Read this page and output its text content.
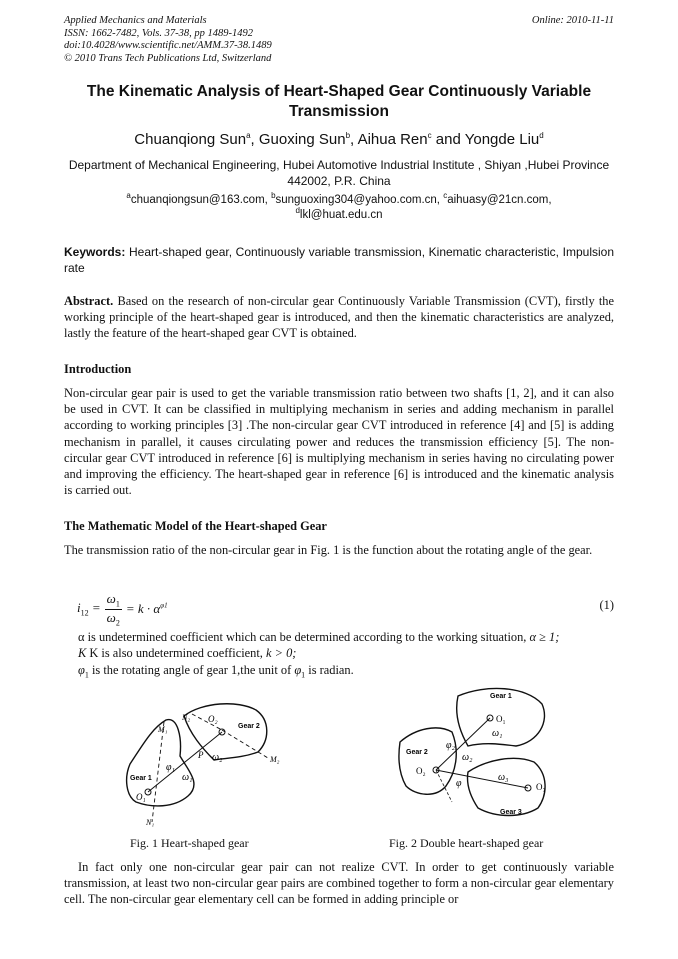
Applied Mechanics and Materials
ISSN: 1662-7482, Vols. 37-38, pp 1489-1492
doi:10.4028/www.scientific.net/AMM.37-38.1489
© 2010 Trans Tech Publications Ltd, Switzerland
Online: 2010-11-11
The Kinematic Analysis of Heart-Shaped Gear Continuously Variable
Transmission
Chuanqiong Sun$^a$, Guoxing Sun$^b$, Aihua Ren$^c$ and Yongde Liu$^d$
Department of Mechanical Engineering, Hubei Automotive Industrial Institute , Shiyan ,Hubei Province 442002, P.R. China
$^a$chuanqiongsun@163.com, $^b$sunguoxing304@yahoo.com.cn, $^c$aihuasy@21cn.com,
$^d$lkl@huat.edu.cn
Keywords: Heart-shaped gear, Continuously variable transmission, Kinematic characteristic, Impulsion rate
Abstract. Based on the research of non-circular gear Continuously Variable Transmission (CVT), firstly the working principle of the heart-shaped gear is introduced, and then the kinematic characteristics are analyzed, lastly the feature of the heart-shaped gear CVT is obtained.
Introduction
Non-circular gear pair is used to get the variable transmission ratio between two shafts [1, 2], and it can also be used in CVT. It can be classified in multiplying mechanism in series and adding mechanism in parallel according to working principles [3] .The non-circular gear CVT introduced in reference [4] and [5] is adding mechanism in parallel, it causes circulating power and reduces the transmission efficiency [5]. The non-circular gear CVT introduced in reference [6] is multiplying mechanism in series having no circulating power and improving the efficiency. The heart-shaped gear in reference [6] is introduced and the kinematic analysis is carried out.
The Mathematic Model of the Heart-shaped Gear
The transmission ratio of the non-circular gear in Fig. 1 is the function about the rotating angle of the gear.
$i_{12}$ =	$\omega_1$	= $k \cdot \alpha^{\varphi 1}$
$\omega_2$
(1)
α is undetermined coefficient which can be determined according to the working situation, α ≥ 1;
K K is also undetermined coefficient, k > 0;
$\varphi_1$ is the rotating angle of gear 1,the unit of $\varphi_1$ is radian.
N₂ O₂
Gear 2
M₁
M₂
P ω₂
φ₁
ω₁
Gear 1
O₁
N₁
Gear 1
O₁
ω₁
Gear 2
φ₂
ω₂
O₂
φ
ω₃
O₃
Gear 3
Fig. 1 Heart-shaped gear	Fig. 2 Double heart-shaped gear
In fact only one non-circular gear pair can not realize CVT. In order to get continuously variable transmission, at least two non-circular gear pairs are combined together to form a non-circular gear elementary cell. The non-circular gear elementary cell can be formed in adding principle or
